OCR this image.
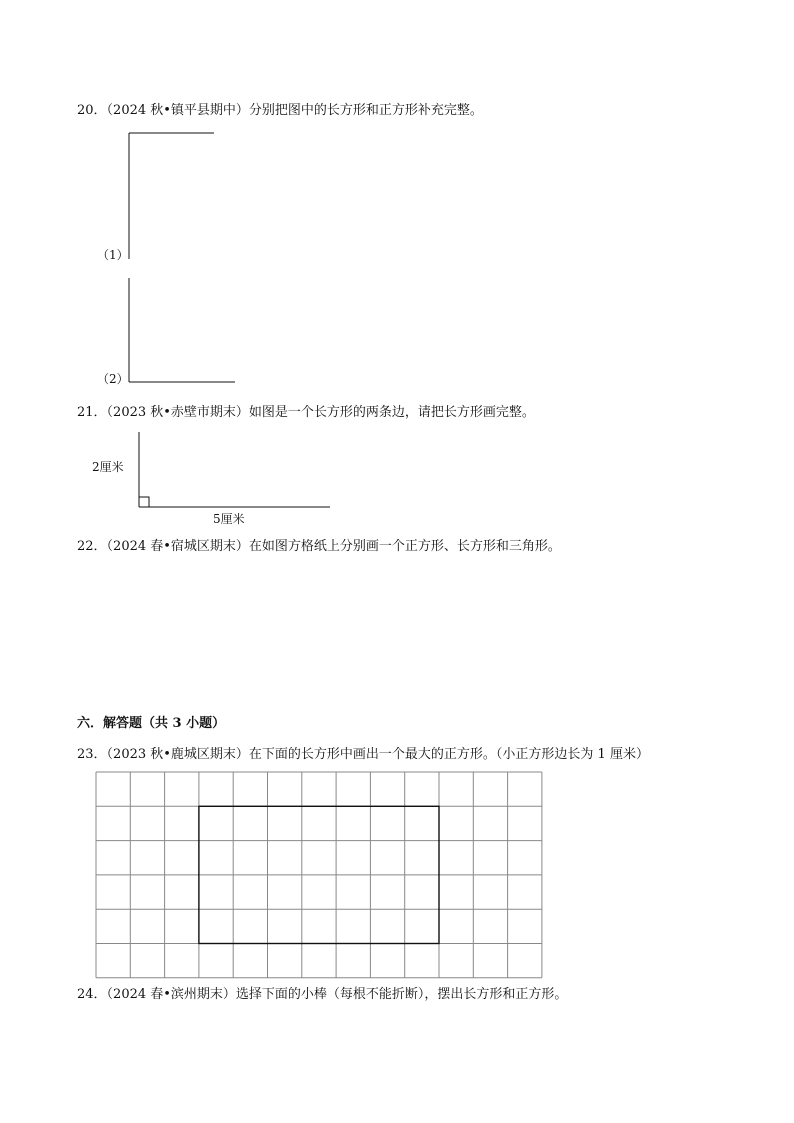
20．（2024 秋•镇平县期中）分别把图中的长方形和正方形补充完整。
（1）
（2）
21．（2023 秋•赤壁市期末）如图是一个长方形的两条边，请把长方形画完整。
2厘米
5厘米
22．（2024 春•宿城区期末）在如图方格纸上分别画一个正方形、长方形和三角形。
六．解答题（共 3 小题）
23．（2023 秋•鹿城区期末）在下面的长方形中画出一个最大的正方形。（小正方形边长为 1 厘米）
24．（2024 春•滨州期末）选择下面的小棒（每根不能折断），摆出长方形和正方形。
